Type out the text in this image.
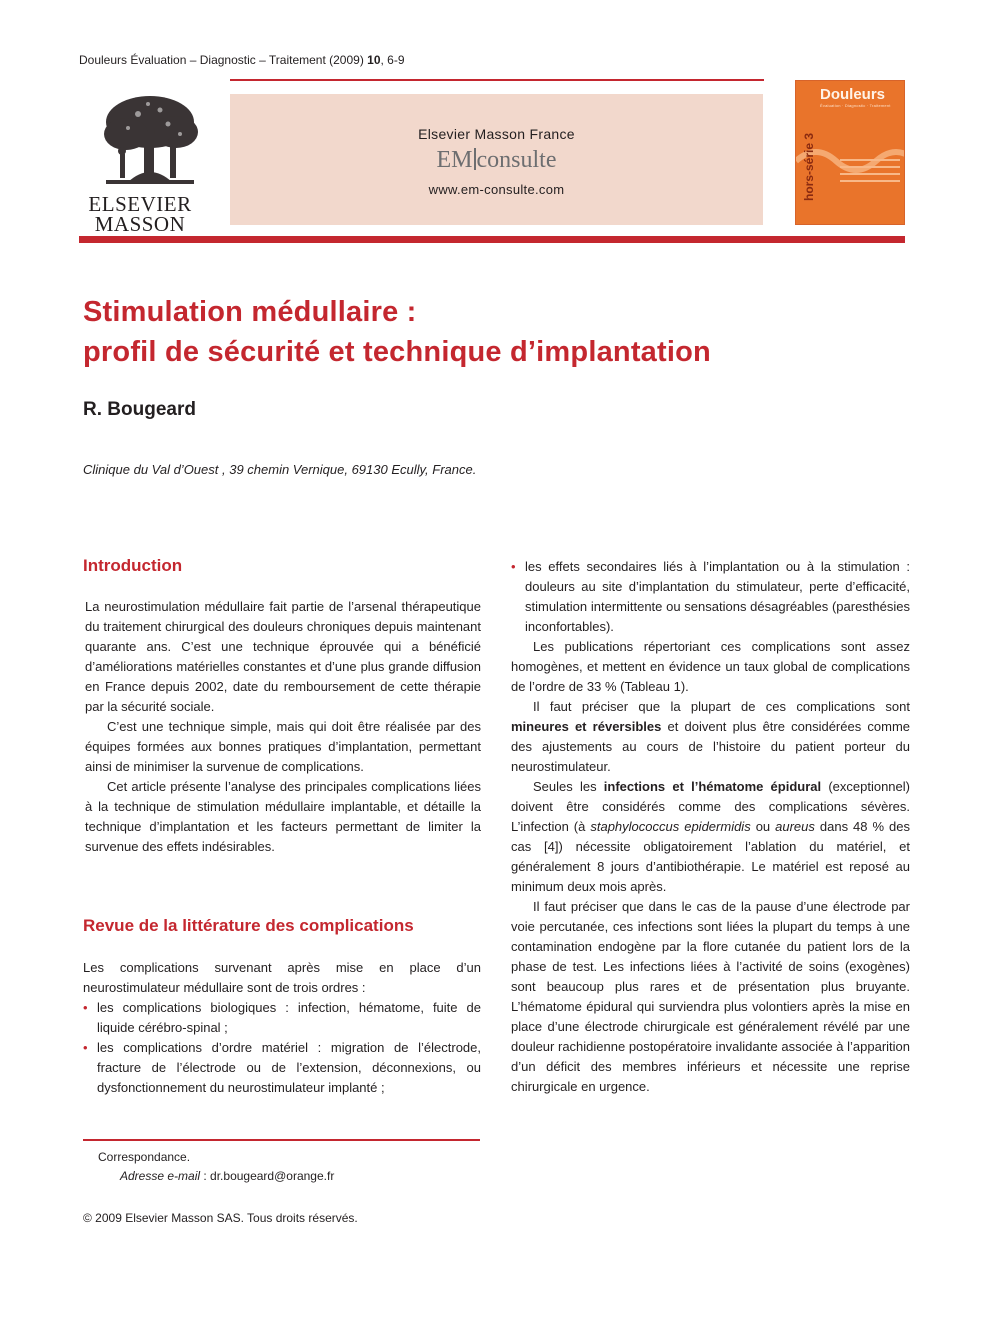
Douleurs Évaluation – Diagnostic – Traitement (2009) 10, 6-9
ELSEVIER
MASSON
Elsevier Masson France
EM consulte
www.em-consulte.com
Douleurs
Évaluation · Diagnostic · Traitement
hors-série 3
Stimulation médullaire :
profil de sécurité et technique d’implantation
R. Bougeard
Clinique du Val d’Ouest , 39 chemin Vernique, 69130 Ecully, France.
Introduction

La neurostimulation médullaire fait partie de l’arsenal thérapeutique du traitement chirurgical des douleurs chroniques depuis maintenant quarante ans. C’est une technique éprouvée qui a bénéficié d’améliorations matérielles constantes et d’une plus grande diffusion en France depuis 2002, date du remboursement de cette thérapie par la sécurité sociale.

C’est une technique simple, mais qui doit être réalisée par des équipes formées aux bonnes pratiques d’implantation, permettant ainsi de minimiser la survenue de complications.

Cet article présente l’analyse des principales complications liées à la technique de stimulation médullaire implantable, et détaille la technique d’implantation et les facteurs permettant de limiter la survenue des effets indésirables.

Revue de la littérature des complications

Les complications survenant après mise en place d’un neurostimulateur médullaire sont de trois ordres :

• les complications biologiques : infection, hématome, fuite de liquide cérébro-spinal ;
• les complications d’ordre matériel : migration de l’électrode, fracture de l’électrode ou de l’extension, déconnexions, ou dysfonctionnement du neurostimulateur implanté ;
• les effets secondaires liés à l’implantation ou à la stimulation : douleurs au site d’implantation du stimulateur, perte d’efficacité, stimulation intermittente ou sensations désagréables (paresthésies inconfortables).

Les publications répertoriant ces complications sont assez homogènes, et mettent en évidence un taux global de complications de l’ordre de 33 % (Tableau 1).

Il faut préciser que la plupart de ces complications sont mineures et réversibles et doivent plus être considérées comme des ajustements au cours de l’histoire du patient porteur du neurostimulateur.

Seules les infections et l’hématome épidural (exceptionnel) doivent être considérés comme des complications sévères. L’infection (à staphylococcus epidermidis ou aureus dans 48 % des cas [4]) nécessite obligatoirement l’ablation du matériel, et généralement 8 jours d’antibiothérapie. Le matériel est reposé au minimum deux mois après.

Il faut préciser que dans le cas de la pause d’une électrode par voie percutanée, ces infections sont liées la plupart du temps à une contamination endogène par la flore cutanée du patient lors de la phase de test. Les infections liées à l’activité de soins (exogènes) sont beaucoup plus rares et de présentation plus bruyante. L’hématome épidural qui surviendra plus volontiers après la mise en place d’une électrode chirurgicale est généralement révélé par une douleur rachidienne postopératoire invalidante associée à l’apparition d’un déficit des membres inférieurs et nécessite une reprise chirurgicale en urgence.

Correspondance.
Adresse e-mail : dr.bougeard@orange.fr
© 2009 Elsevier Masson SAS. Tous droits réservés.
